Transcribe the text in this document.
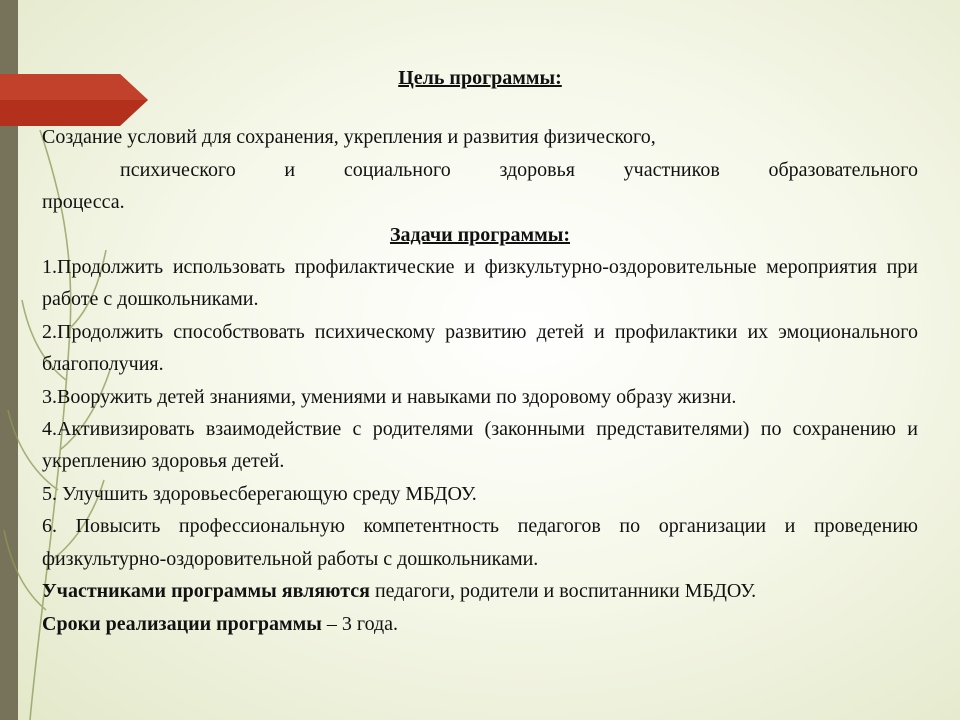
Цель программы:

Создание условий для сохранения, укрепления и развития физического,
психического и социального здоровья участников образовательного
процесса.

Задачи программы:

1.Продолжить использовать профилактические и физкультурно-оздоровительные мероприятия при работе с дошкольниками.

2.Продолжить способствовать психическому развитию детей и профилактики их эмоционального благополучия.

3.Вооружить детей знаниями, умениями и навыками по здоровому образу жизни.

4.Активизировать взаимодействие с родителями (законными представителями) по сохранению и укреплению здоровья детей.

5. Улучшить здоровьесберегающую среду МБДОУ.

6. Повысить профессиональную компетентность педагогов по организации и проведению физкультурно-оздоровительной работы с дошкольниками.

Участниками программы являются педагоги, родители и воспитанники МБДОУ.

Сроки реализации программы – 3 года.
